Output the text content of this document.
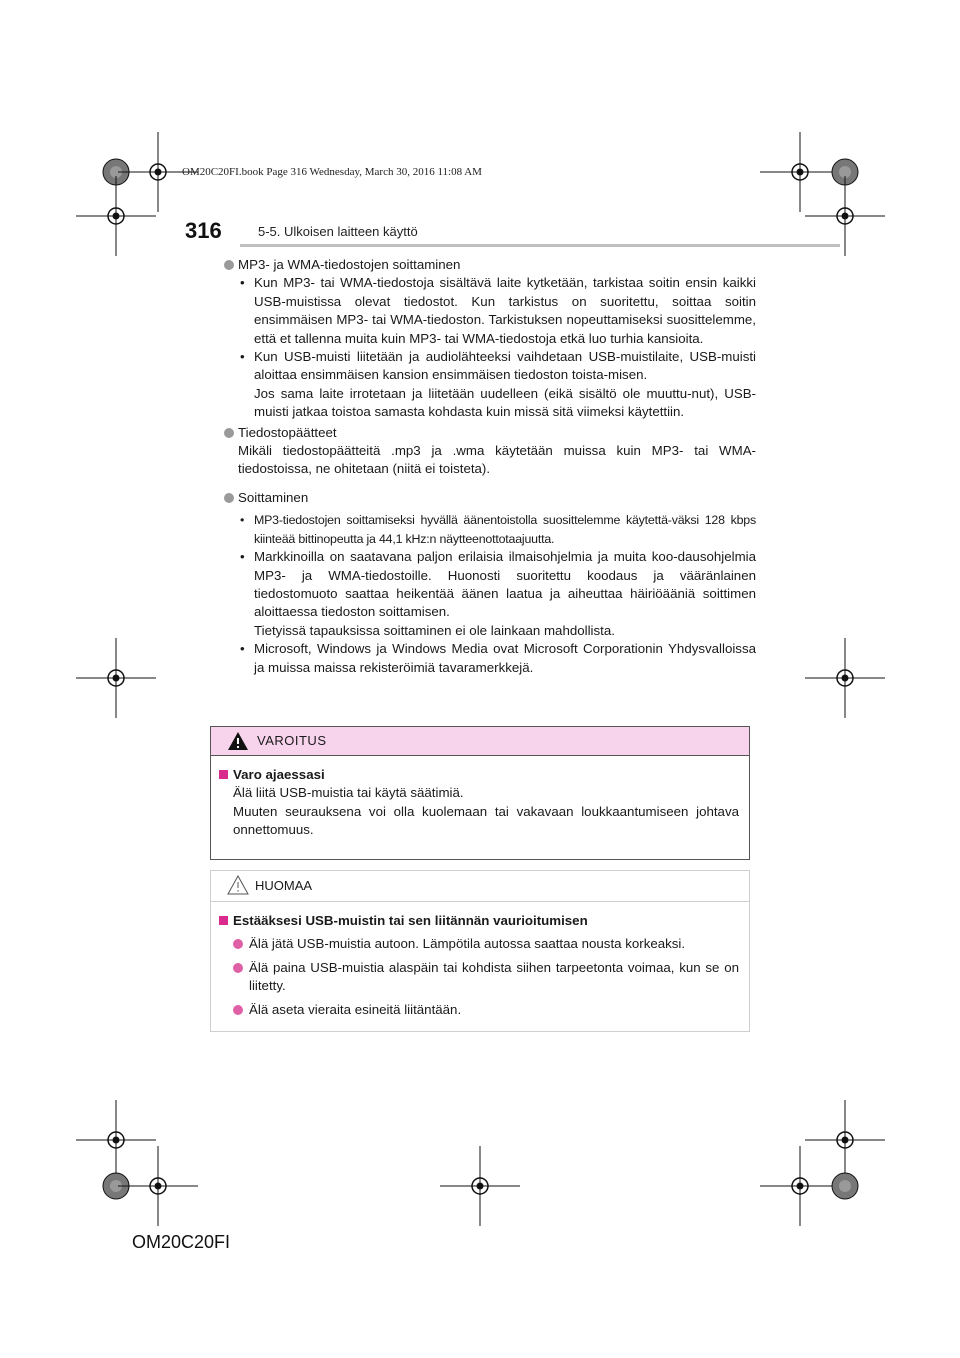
OM20C20FI.book Page 316 Wednesday, March 30, 2016 11:08 AM
316	5-5. Ulkoisen laitteen käyttö
MP3- ja WMA-tiedostojen soittaminen
• Kun MP3- tai WMA-tiedostoja sisältävä laite kytketään, tarkistaa soitin ensin kaikki USB-muistissa olevat tiedostot. Kun tarkistus on suoritettu, soittaa soitin ensimmäisen MP3- tai WMA-tiedoston. Tarkistuksen nopeuttamiseksi suosittelemme, että et tallenna muita kuin MP3- tai WMA-tiedostoja etkä luo turhia kansioita.
• Kun USB-muisti liitetään ja audiolähteeksi vaihdetaan USB-muistilaite, USB-muisti aloittaa ensimmäisen kansion ensimmäisen tiedoston toista-misen.
Jos sama laite irrotetaan ja liitetään uudelleen (eikä sisältö ole muuttu-nut), USB-muisti jatkaa toistoa samasta kohdasta kuin missä sitä viimeksi käytettiin.
Tiedostopäätteet
Mikäli tiedostopäätteitä .mp3 ja .wma käytetään muissa kuin MP3- tai WMA-tiedostoissa, ne ohitetaan (niitä ei toisteta).
Soittaminen
• MP3-tiedostojen soittamiseksi hyvällä äänentoistolla suosittelemme käytettä-väksi 128 kbps kiinteää bittinopeutta ja 44,1 kHz:n näytteenottotaajuutta.
• Markkinoilla on saatavana paljon erilaisia ilmaisohjelmia ja muita koo-dausohjelmia MP3- ja WMA-tiedostoille. Huonosti suoritettu koodaus ja vääränlainen tiedostomuoto saattaa heikentää äänen laatua ja aiheuttaa häiriöääniä soittimen aloittaessa tiedoston soittamisen.
Tietyissä tapauksissa soittaminen ei ole lainkaan mahdollista.
• Microsoft, Windows ja Windows Media ovat Microsoft Corporationin Yhdysvalloissa ja muissa maissa rekisteröimiä tavaramerkkejä.
VAROITUS
Varo ajaessasi
Älä liitä USB-muistia tai käytä säätimiä.
Muuten seurauksena voi olla kuolemaan tai vakavaan loukkaantumiseen johtava onnettomuus.
HUOMAA
Estääksesi USB-muistin tai sen liitännän vaurioitumisen
Älä jätä USB-muistia autoon. Lämpötila autossa saattaa nousta korkeaksi.
Älä paina USB-muistia alaspäin tai kohdista siihen tarpeetonta voimaa, kun se on liitetty.
Älä aseta vieraita esineitä liitäntään.
OM20C20FI
